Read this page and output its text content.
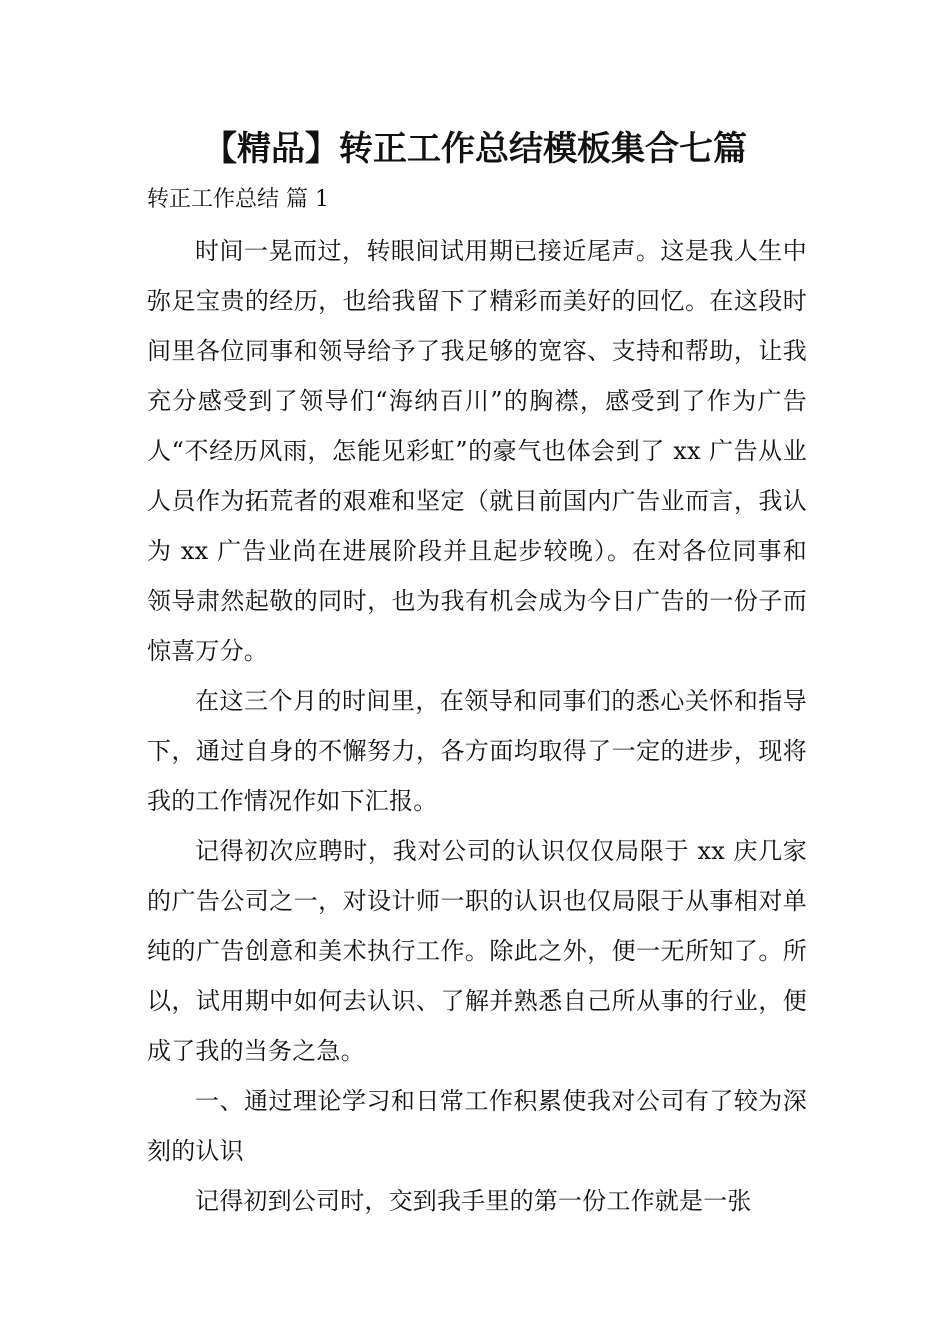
【精品】转正工作总结模板集合七篇

转正工作总结 篇 1

时间一晃而过，转眼间试用期已接近尾声。这是我人生中弥足宝贵的经历，也给我留下了精彩而美好的回忆。在这段时间里各位同事和领导给予了我足够的宽容、支持和帮助，让我充分感受到了领导们“海纳百川”的胸襟，感受到了作为广告人“不经历风雨，怎能见彩虹”的豪气也体会到了 xx 广告从业人员作为拓荒者的艰难和坚定（就目前国内广告业而言，我认为 xx 广告业尚在进展阶段并且起步较晚）。在对各位同事和领导肃然起敬的同时，也为我有机会成为今日广告的一份子而惊喜万分。

在这三个月的时间里，在领导和同事们的悉心关怀和指导下，通过自身的不懈努力，各方面均取得了一定的进步，现将我的工作情况作如下汇报。

记得初次应聘时，我对公司的认识仅仅局限于 xx 庆几家的广告公司之一，对设计师一职的认识也仅局限于从事相对单纯的广告创意和美术执行工作。除此之外，便一无所知了。所以，试用期中如何去认识、了解并熟悉自己所从事的行业，便成了我的当务之急。

一、通过理论学习和日常工作积累使我对公司有了较为深刻的认识

记得初到公司时，交到我手里的第一份工作就是一张
